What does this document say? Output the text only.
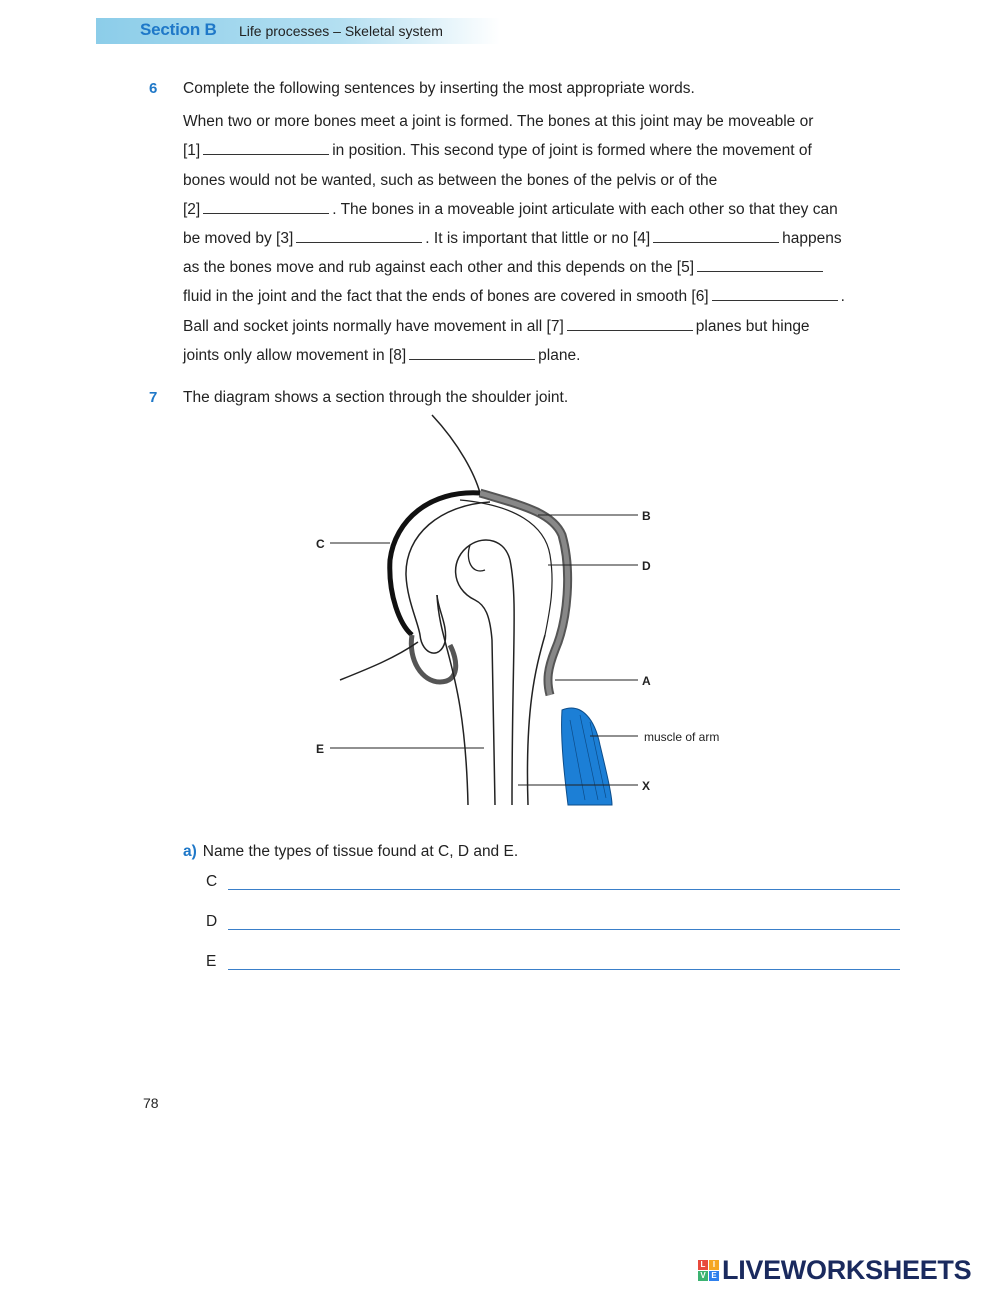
Section B Life processes – Skeletal system
6 Complete the following sentences by inserting the most appropriate words.
When two or more bones meet a joint is formed. The bones at this joint may be moveable or
[1]	in position. This second type of joint is formed where the movement of
bones would not be wanted, such as between the bones of the pelvis or of the
[2]	. The bones in a moveable joint articulate with each other so that they can
be moved by [3]	. It is important that little or no [4]	happens
as the bones move and rub against each other and this depends on the [5]
fluid in the joint and the fact that the ends of bones are covered in smooth [6]	.
Ball and socket joints normally have movement in all [7]	planes but hinge
joints only allow movement in [8]	plane.
7 The diagram shows a section through the shoulder joint.
B
C
D
A
muscle of arm
E
X
a) Name the types of tissue found at C, D and E.
C
D
E
78
L I
V E LIVEWORKSHEETS
